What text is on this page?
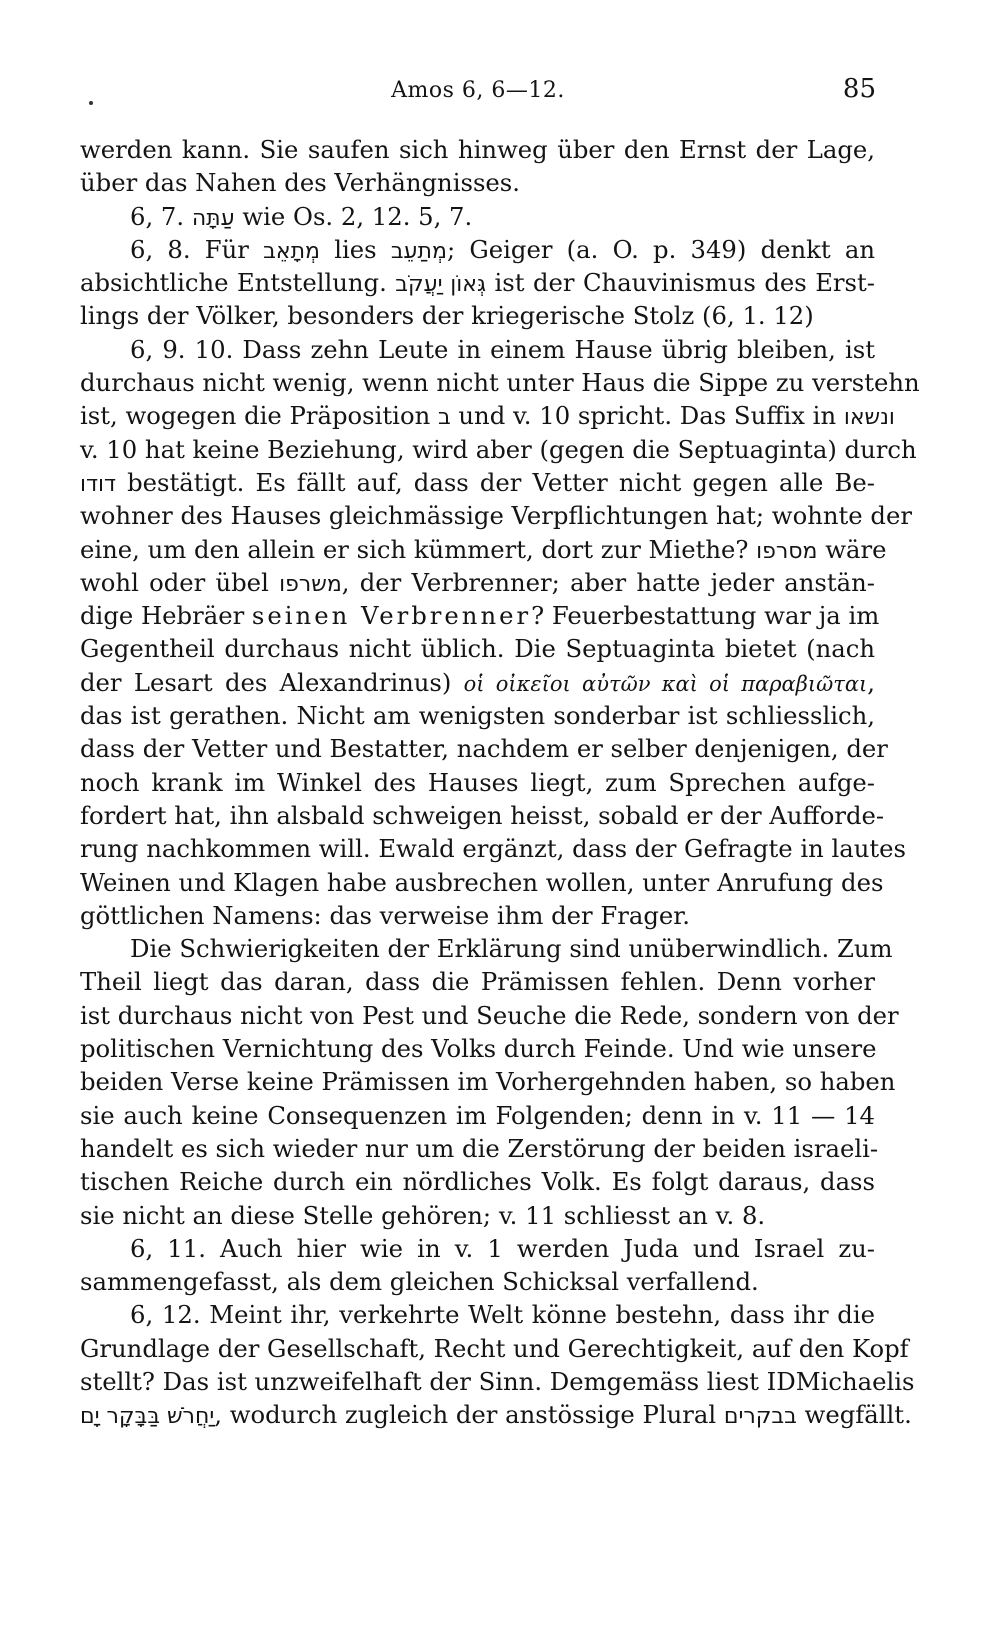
Amos 6, 6—12.	85
werden kann. Sie saufen sich hinweg über den Ernst der Lage,
über das Nahen des Verhängnisses.
6, 7. עַתָּה wie Os. 2, 12. 5, 7.
6, 8. Für מְתָאֵב lies מְתַעֵב; Geiger (a. O. p. 349) denkt an
absichtliche Entstellung. גְּאוֹן יַעֲקֹב ist der Chauvinismus des Erst-
lings der Völker, besonders der kriegerische Stolz (6, 1. 12)
6, 9. 10. Dass zehn Leute in einem Hause übrig bleiben, ist
durchaus nicht wenig, wenn nicht unter Haus die Sippe zu verstehn
ist, wogegen die Präposition ב und v. 10 spricht. Das Suffix in ונשאו
v. 10 hat keine Beziehung, wird aber (gegen die Septuaginta) durch
דודו bestätigt. Es fällt auf, dass der Vetter nicht gegen alle Be-
wohner des Hauses gleichmässige Verpflichtungen hat; wohnte der
eine, um den allein er sich kümmert, dort zur Miethe? מסרפו wäre
wohl oder übel משרפו, der Verbrenner; aber hatte jeder anstän-
dige Hebräer seinen Verbrenner? Feuerbestattung war ja im
Gegentheil durchaus nicht üblich. Die Septuaginta bietet (nach
der Lesart des Alexandrinus) οἱ οἰκεῖοι αὐτῶν καὶ οἱ παραβιῶται,
das ist gerathen. Nicht am wenigsten sonderbar ist schliesslich,
dass der Vetter und Bestatter, nachdem er selber denjenigen, der
noch krank im Winkel des Hauses liegt, zum Sprechen aufge-
fordert hat, ihn alsbald schweigen heisst, sobald er der Aufforde-
rung nachkommen will. Ewald ergänzt, dass der Gefragte in lautes
Weinen und Klagen habe ausbrechen wollen, unter Anrufung des
göttlichen Namens: das verweise ihm der Frager.
Die Schwierigkeiten der Erklärung sind unüberwindlich. Zum
Theil liegt das daran, dass die Prämissen fehlen. Denn vorher
ist durchaus nicht von Pest und Seuche die Rede, sondern von der
politischen Vernichtung des Volks durch Feinde. Und wie unsere
beiden Verse keine Prämissen im Vorhergehnden haben, so haben
sie auch keine Consequenzen im Folgenden; denn in v. 11 — 14
handelt es sich wieder nur um die Zerstörung der beiden israeli-
tischen Reiche durch ein nördliches Volk. Es folgt daraus, dass
sie nicht an diese Stelle gehören; v. 11 schliesst an v. 8.
6, 11. Auch hier wie in v. 1 werden Juda und Israel zu-
sammengefasst, als dem gleichen Schicksal verfallend.
6, 12. Meint ihr, verkehrte Welt könne bestehn, dass ihr die
Grundlage der Gesellschaft, Recht und Gerechtigkeit, auf den Kopf
stellt? Das ist unzweifelhaft der Sinn. Demgemäss liest IDMichaelis
יַחֲרֹשׁ בַּבָּקָר יָם, wodurch zugleich der anstössige Plural בבקרים wegfällt.
